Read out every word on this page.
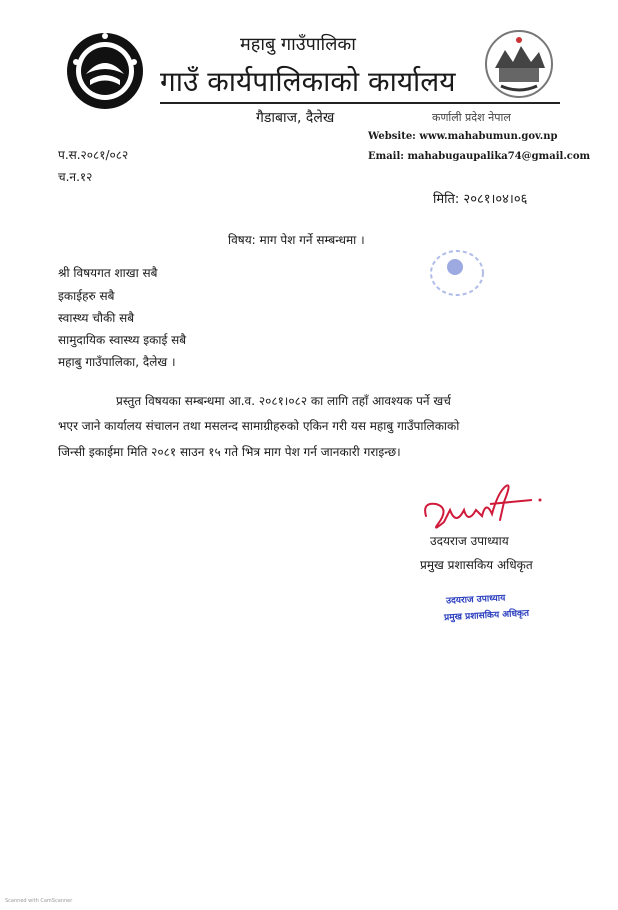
महाबु गाउँपालिका
गाउँ कार्यपालिकाको कार्यालय
गैडाबाज, दैलेख	कर्णाली प्रदेश नेपाल
Website: www.mahabumun.gov.np
Email: mahabugaupalika74@gmail.com
प.स.२०८१/०८२
च.न.१२
मिति: २०८१।०४।०६
विषय: माग पेश गर्ने सम्बन्धमा ।
श्री विषयगत शाखा सबै
इकाईहरु सबै
स्वास्थ्य चौकी सबै
सामुदायिक स्वास्थ्य इकाई सबै
महाबु गाउँपालिका, दैलेख ।
प्रस्तुत विषयका सम्बन्धमा आ.व. २०८१।०८२ का लागि तहाँ आवश्यक पर्ने खर्च
भएर जाने कार्यालय संचालन तथा मसलन्द सामाग्रीहरुको एकिन गरी यस महाबु गाउँपालिकाको
जिन्सी इकाईमा मिति २०८१ साउन १५ गते भित्र माग पेश गर्न जानकारी गराइन्छ।
उदयराज उपाध्याय
प्रमुख प्रशासकिय अधिकृत
उदयराज उपाध्याय
प्रमुख प्रशासकिय अधिकृत
Scanned with CamScanner
